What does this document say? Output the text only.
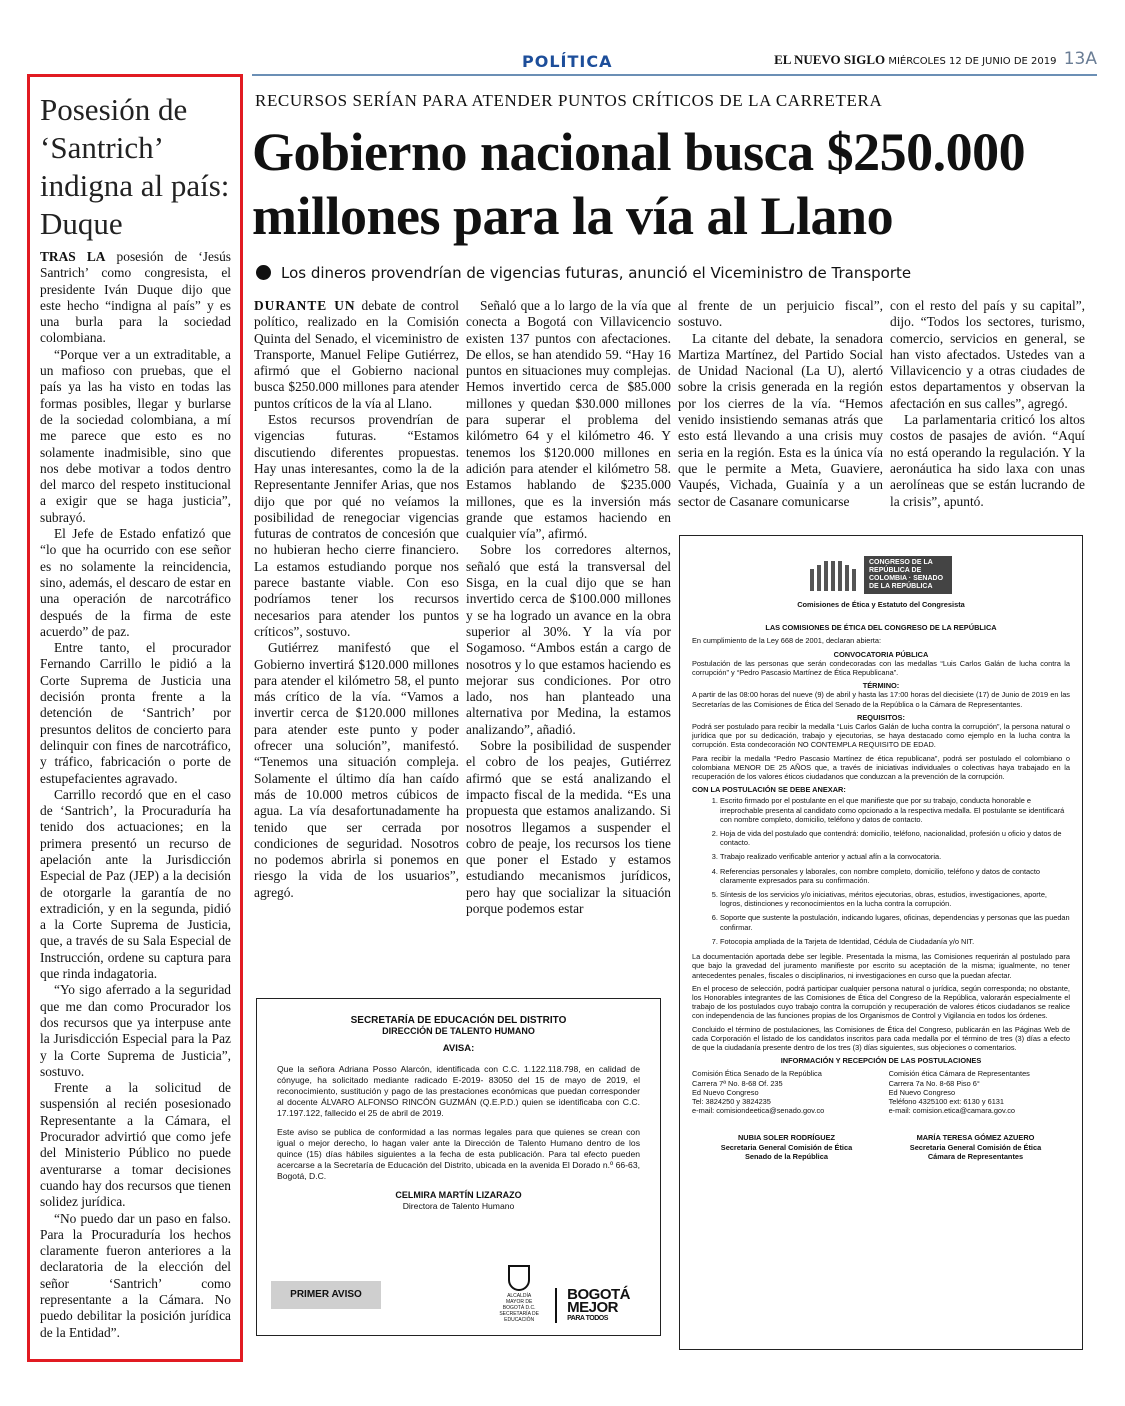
POLÍTICA	EL NUEVO SIGLO MIÉRCOLES 12 DE JUNIO DE 2019 13A
Posesión de ‘Santrich’ indigna al país: Duque

TRAS LA posesión de ‘Jesús Santrich’ como congresista, el presidente Iván Duque dijo que este hecho “indigna al país” y es una burla para la sociedad colombiana.

“Porque ver a un extraditable, a un mafioso con pruebas, que el país ya las ha visto en todas las formas posibles, llegar y burlarse de la sociedad colombiana, a mí me parece que esto es no solamente inadmisible, sino que nos debe motivar a todos dentro del marco del respeto institucional a exigir que se haga justicia”, subrayó.

El Jefe de Estado enfatizó que “lo que ha ocurrido con ese señor es no solamente la reincidencia, sino, además, el descaro de estar en una operación de narcotráfico después de la firma de este acuerdo” de paz.

Entre tanto, el procurador Fernando Carrillo le pidió a la Corte Suprema de Justicia una decisión pronta frente a la detención de ‘Santrich’ por presuntos delitos de concierto para delinquir con fines de narcotráfico, y tráfico, fabricación o porte de estupefacientes agravado.

Carrillo recordó que en el caso de ‘Santrich’, la Procuraduría ha tenido dos actuaciones; en la primera presentó un recurso de apelación ante la Jurisdicción Especial de Paz (JEP) a la decisión de otorgarle la garantía de no extradición, y en la segunda, pidió a la Corte Suprema de Justicia, que, a través de su Sala Especial de Instrucción, ordene su captura para que rinda indagatoria.

“Yo sigo aferrado a la seguridad que me dan como Procurador los dos recursos que ya interpuse ante la Jurisdicción Especial para la Paz y la Corte Suprema de Justicia”, sostuvo.

Frente a la solicitud de suspensión al recién posesionado Representante a la Cámara, el Procurador advirtió que como jefe del Ministerio Público no puede aventurarse a tomar decisiones cuando hay dos recursos que tienen solidez jurídica.

“No puedo dar un paso en falso. Para la Procuraduría los hechos claramente fueron anteriores a la declaratoria de la elección del señor ‘Santrich’ como representante a la Cámara. No puedo debilitar la posición jurídica de la Entidad”.

RECURSOS SERÍAN PARA ATENDER PUNTOS CRÍTICOS DE LA CARRETERA
Gobierno nacional busca $250.000 millones para la vía al Llano
Los dineros provendrían de vigencias futuras, anunció el Viceministro de Transporte

DURANTE UN debate de control político, realizado en la Comisión Quinta del Senado, el viceministro de Transporte, Manuel Felipe Gutiérrez, afirmó que el Gobierno nacional busca $250.000 millones para atender puntos críticos de la vía al Llano.

Estos recursos provendrían de vigencias futuras. “Estamos discutiendo diferentes propuestas. Hay unas interesantes, como la de la Representante Jennifer Arias, que nos dijo que por qué no veíamos la posibilidad de renegociar vigencias futuras de contratos de concesión que no hubieran hecho cierre financiero. La estamos estudiando porque nos parece bastante viable. Con eso podríamos tener los recursos necesarios para atender los puntos críticos”, sostuvo.

Gutiérrez manifestó que el Gobierno invertirá $120.000 millones para atender el kilómetro 58, el punto más crítico de la vía. “Vamos a invertir cerca de $120.000 millones para atender este punto y poder ofrecer una solución”, manifestó. “Tenemos una situación compleja. Solamente el último día han caído más de 10.000 metros cúbicos de agua. La vía desafortunadamente ha tenido que ser cerrada por condiciones de seguridad. Nosotros no podemos abrirla si ponemos en riesgo la vida de los usuarios”, agregó.

Señaló que a lo largo de la vía que conecta a Bogotá con Villavicencio existen 137 puntos con afectaciones. De ellos, se han atendido 59. “Hay 16 puntos en situaciones muy complejas. Hemos invertido cerca de $85.000 millones y quedan $30.000 millones para superar el problema del kilómetro 64 y el kilómetro 46. Y tenemos los $120.000 millones en adición para atender el kilómetro 58. Estamos hablando de $235.000 millones, que es la inversión más grande que estamos haciendo en cualquier vía”, afirmó.

Sobre los corredores alternos, señaló que está la transversal del Sisga, en la cual dijo que se han invertido cerca de $100.000 millones y se ha logrado un avance en la obra superior al 30%. Y la vía por Sogamoso. “Ambos están a cargo de nosotros y lo que estamos haciendo es mejorar sus condiciones. Por otro lado, nos han planteado una alternativa por Medina, la estamos analizando”, añadió.

Sobre la posibilidad de suspender el cobro de los peajes, Gutiérrez afirmó que se está analizando el impacto fiscal de la medida. “Es una propuesta que estamos analizando. Si nosotros llegamos a suspender el cobro de peaje, los recursos los tiene que poner el Estado y estamos estudiando mecanismos jurídicos, pero hay que socializar la situación porque podemos estar

al frente de un perjuicio fiscal”, sostuvo.

La citante del debate, la senadora Martiza Martínez, del Partido Social de Unidad Nacional (La U), alertó sobre la crisis generada en la región por los cierres de la vía. “Hemos venido insistiendo semanas atrás que esto está llevando a una crisis muy seria en la región. Esta es la única vía que le permite a Meta, Guaviere, Vaupés, Vichada, Guainía y a un sector de Casanare comunicarse

con el resto del país y su capital”, dijo. “Todos los sectores, turismo, comercio, servicios en general, se han visto afectados. Ustedes van a Villavicencio y a otras ciudades de estos departamentos y observan la afectación en sus calles”, agregó.

La parlamentaria criticó los altos costos de pasajes de avión. “Aquí no está operando la regulación. Y la aeronáutica ha sido laxa con unas aerolíneas que se están lucrando de la crisis”, apuntó.

SECRETARÍA DE EDUCACIÓN DEL DISTRITO
DIRECCIÓN DE TALENTO HUMANO
AVISA:

Que la señora Adriana Posso Alarcón, identificada con C.C. 1.122.118.798, en calidad de cónyuge, ha solicitado mediante radicado E-2019- 83050 del 15 de mayo de 2019, el reconocimiento, sustitución y pago de las prestaciones económicas que puedan corresponder al docente ÁLVARO ALFONSO RINCÓN GUZMÁN (Q.E.P.D.) quien se identificaba con C.C. 17.197.122, fallecido el 25 de abril de 2019.

Este aviso se publica de conformidad a las normas legales para que quienes se crean con igual o mejor derecho, lo hagan valer ante la Dirección de Talento Humano dentro de los quince (15) días hábiles siguientes a la fecha de esta publicación. Para tal efecto pueden acercarse a la Secretaría de Educación del Distrito, ubicada en la avenida El Dorado n.º 66-63, Bogotá, D.C.

CELMIRA MARTÍN LIZARAZO
Directora de Talento Humano
PRIMER AVISO	ALCALDÍA MAYOR DE BOGOTÁ D.C. SECRETARÍA DE EDUCACIÓN
BOGOTÁ
MEJOR
PARA TODOS
CONGRESO DE LA REPÚBLICA DE COLOMBIA · SENADO DE LA REPÚBLICA
Comisiones de Ética y Estatuto del Congresista
LAS COMISIONES DE ÉTICA DEL CONGRESO DE LA REPÚBLICA

En cumplimiento de la Ley 668 de 2001, declaran abierta:

CONVOCATORIA PÚBLICA

Postulación de las personas que serán condecoradas con las medallas “Luis Carlos Galán de lucha contra la corrupción” y “Pedro Pascasio Martínez de Ética Republicana”.

TÉRMINO:

A partir de las 08:00 horas del nueve (9) de abril y hasta las 17:00 horas del diecisiete (17) de Junio de 2019 en las Secretarías de las Comisiones de Ética del Senado de la República o la Cámara de Representantes.

REQUISITOS:

Podrá ser postulado para recibir la medalla “Luis Carlos Galán de lucha contra la corrupción”, la persona natural o jurídica que por su dedicación, trabajo y ejecutorias, se haya destacado como ejemplo en la lucha contra la corrupción. Esta condecoración NO CONTEMPLA REQUISITO DE EDAD.

Para recibir la medalla “Pedro Pascasio Martínez de ética republicana”, podrá ser postulado el colombiano o colombiana MENOR DE 25 AÑOS que, a través de iniciativas individuales o colectivas haya trabajado en la recuperación de los valores éticos ciudadanos que conduzcan a la prevención de la corrupción.

CON LA POSTULACIÓN SE DEBE ANEXAR:
1. Escrito firmado por el postulante en el que manifieste que por su trabajo, conducta honorable e irreprochable presenta al candidato como opcionado a la respectiva medalla. El postulante se identificará con nombre completo, domicilio, teléfono y datos de contacto.
2. Hoja de vida del postulado que contendrá: domicilio, teléfono, nacionalidad, profesión u oficio y datos de contacto.
3. Trabajo realizado verificable anterior y actual afín a la convocatoria.
4. Referencias personales y laborales, con nombre completo, domicilio, teléfono y datos de contacto claramente expresados para su confirmación.
5. Síntesis de los servicios y/o iniciativas, méritos ejecutorias, obras, estudios, investigaciones, aporte, logros, distinciones y reconocimientos en la lucha contra la corrupción.
6. Soporte que sustente la postulación, indicando lugares, oficinas, dependencias y personas que las puedan confirmar.
7. Fotocopia ampliada de la Tarjeta de Identidad, Cédula de Ciudadanía y/o NIT.

La documentación aportada debe ser legible. Presentada la misma, las Comisiones requerirán al postulado para que bajo la gravedad del juramento manifieste por escrito su aceptación de la misma; igualmente, no tener antecedentes penales, fiscales o disciplinarios, ni investigaciones en curso que la puedan afectar.

En el proceso de selección, podrá participar cualquier persona natural o jurídica, según corresponda; no obstante, los Honorables integrantes de las Comisiones de Ética del Congreso de la República, valorarán especialmente el trabajo de los postulados cuyo trabajo contra la corrupción y recuperación de valores éticos ciudadanos se realice con independencia de las funciones propias de los Organismos de Control y Vigilancia en todos los órdenes.

Concluido el término de postulaciones, las Comisiones de Ética del Congreso, publicarán en las Páginas Web de cada Corporación el listado de los candidatos inscritos para cada medalla por el término de tres (3) días a efecto de que la ciudadanía presente dentro de los tres (3) días siguientes, sus objeciones o comentarios.

INFORMACIÓN Y RECEPCIÓN DE LAS POSTULACIONES
Comisión Ética Senado de la República
Carrera 7ª No. 8-68 Of. 235
Ed Nuevo Congreso
Tel: 3824250 y 3824235
e-mail: comisiondeetica@senado.gov.co
Comisión ética Cámara de Representantes
Carrera 7a No. 8-68 Piso 6°
Ed Nuevo Congreso
Teléfono 4325100 ext: 6130 y 6131
e-mail: comision.etica@camara.gov.co
NUBIA SOLER RODRÍGUEZ
Secretaria General Comisión de Ética
Senado de la República
MARÍA TERESA GÓMEZ AZUERO
Secretaria General Comisión de Ética
Cámara de Representantes
